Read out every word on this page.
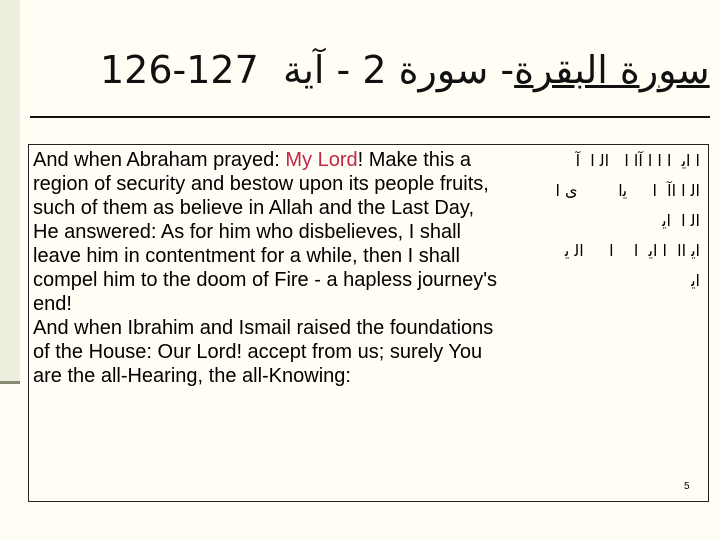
126-127 - سورة 2 - آية سورة البقرة

And when Abraham prayed: My Lord! Make this a region of security and bestow upon its people fruits, such of them as believe in Allah and the Last Day,

He answered: As for him who disbelieves, I shall leave him in contentment for a while, then I shall compel him to the doom of Fire - a hapless journey's end!

And when Ibrahim and Ismail raised the foundations of the House: Our Lord! accept from us; surely You are the all-Hearing, the all-Knowing:

ا اﻳ  ا ا ا آا ا   اﻟ ا  آ
اﻟ ا اآ  ا     ﻳا        ى ا
اﻟ ا  اﻳ
اﻳ اا  ا اﻳ  ا    ا     اﻟ ﻳ
اﻳ
5
